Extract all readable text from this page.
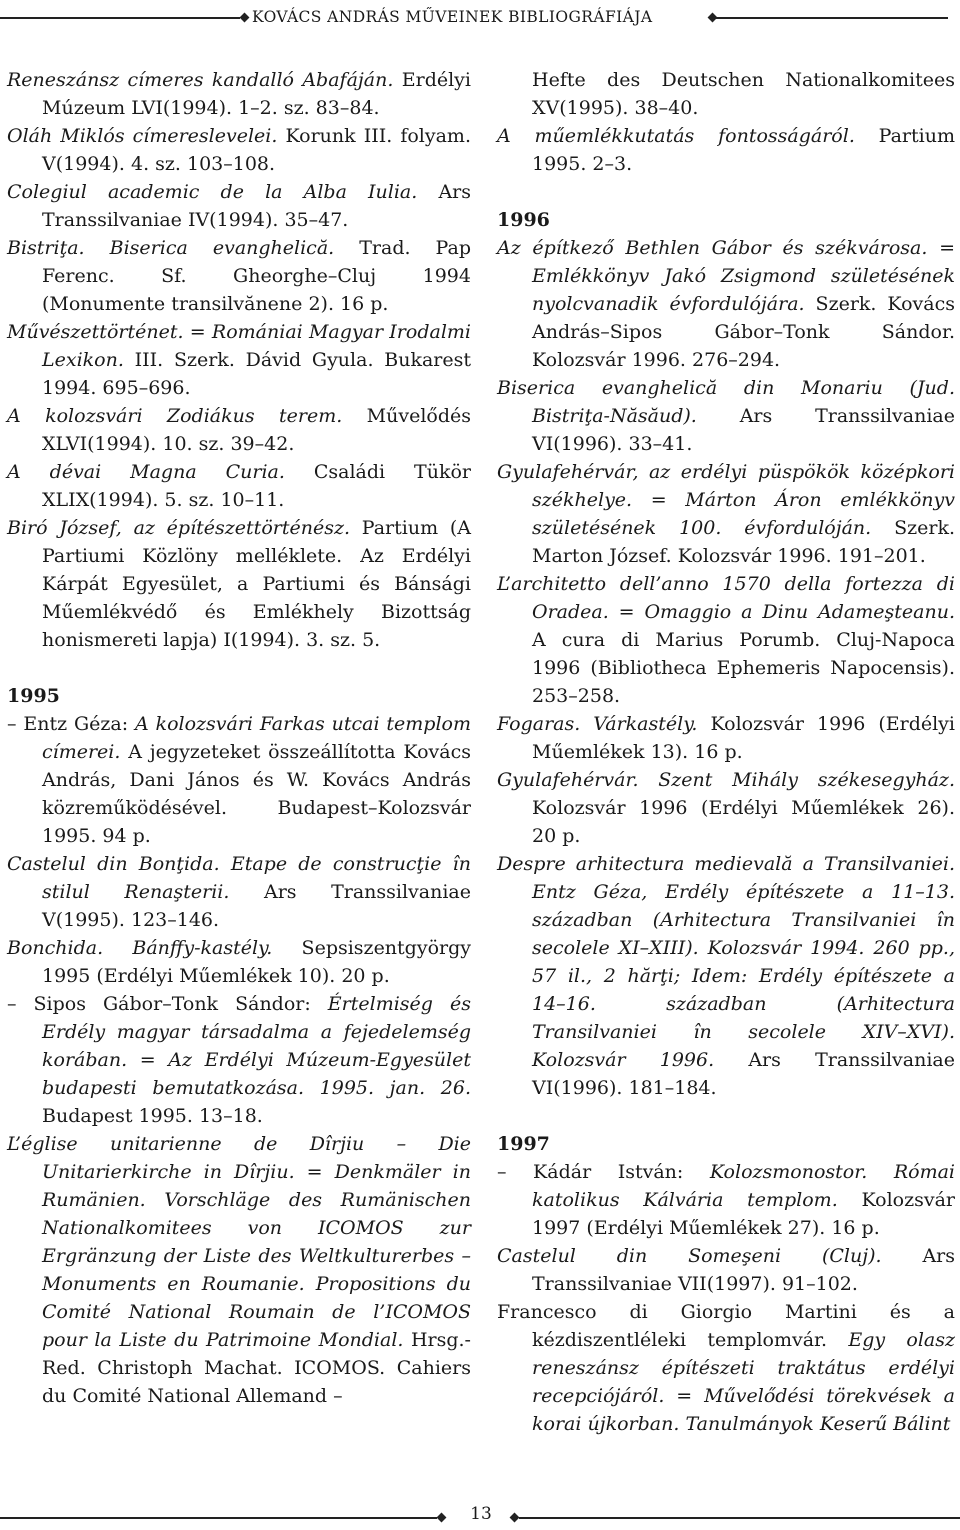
KOVÁCS ANDRÁS MŰVEINEK BIBLIOGRÁFIÁJA

Reneszánsz címeres kandalló Abafáján. Erdélyi Múzeum LVI(1994). 1–2. sz. 83–84.

Oláh Miklós címereslevelei. Korunk III. folyam. V(1994). 4. sz. 103–108.

Colegiul academic de la Alba Iulia. Ars Transsilvaniae IV(1994). 35–47.

Bistriţa. Biserica evanghelică. Trad. Pap Ferenc. Sf. Gheorghe–Cluj 1994 (Monumente transilvănene 2). 16 p.

Művészettörténet. = Romániai Magyar Irodalmi Lexikon. III. Szerk. Dávid Gyula. Bukarest 1994. 695–696.

A kolozsvári Zodiákus terem. Művelődés XLVI(1994). 10. sz. 39–42.

A dévai Magna Curia. Családi Tükör XLIX(1994). 5. sz. 10–11.

Biró József, az építészettörténész. Partium (A Partiumi Közlöny melléklete. Az Erdélyi Kárpát Egyesület, a Partiumi és Bánsági Műemlékvédő és Emlékhely Bizottság honismereti lapja) I(1994). 3. sz. 5.

1995

– Entz Géza: A kolozsvári Farkas utcai templom címerei. A jegyzeteket összeállította Kovács András, Dani János és W. Kovács András közreműködésével. Budapest–Kolozsvár 1995. 94 p.

Castelul din Bonţida. Etape de construcţie în stilul Renaşterii. Ars Transsilvaniae V(1995). 123–146.

Bonchida. Bánffy-kastély. Sepsiszentgyörgy 1995 (Erdélyi Műemlékek 10). 20 p.

– Sipos Gábor–Tonk Sándor: Értelmiség és Erdély magyar társadalma a fejedelemség korában. = Az Erdélyi Múzeum-Egyesület budapesti bemutatkozása. 1995. jan. 26. Budapest 1995. 13–18.

L’église unitarienne de Dîrjiu – Die Unitarierkirche in Dîrjiu. = Denkmäler in Rumänien. Vorschläge des Rumänischen Nationalkomitees von ICOMOS zur Ergränzung der Liste des Weltkulturerbes – Monuments en Roumanie. Propositions du Comité National Roumain de l’ICOMOS pour la Liste du Patrimoine Mondial. Hrsg.-Red. Christoph Machat. ICOMOS. Cahiers du Comité National Allemand –

Hefte des Deutschen Nationalkomitees XV(1995). 38–40.

A műemlékkutatás fontosságáról. Partium 1995. 2–3.

1996

Az építkező Bethlen Gábor és székvárosa. = Emlékkönyv Jakó Zsigmond születésének nyolcvanadik évfordulójára. Szerk. Kovács András–Sipos Gábor–Tonk Sándor. Kolozsvár 1996. 276–294.

Biserica evanghelică din Monariu (Jud. Bistriţa-Năsăud). Ars Transsilvaniae VI(1996). 33–41.

Gyulafehérvár, az erdélyi püspökök középkori székhelye. = Márton Áron emlékkönyv születésének 100. évfordulóján. Szerk. Marton József. Kolozsvár 1996. 191–201.

L’architetto dell’anno 1570 della fortezza di Oradea. = Omaggio a Dinu Adameşteanu. A cura di Marius Porumb. Cluj-Napoca 1996 (Bibliotheca Ephemeris Napocensis). 253–258.

Fogaras. Várkastély. Kolozsvár 1996 (Erdélyi Műemlékek 13). 16 p.

Gyulafehérvár. Szent Mihály székesegyház. Kolozsvár 1996 (Erdélyi Műemlékek 26). 20 p.

Despre arhitectura medievală a Transilvaniei. Entz Géza, Erdély építészete a 11–13. században (Arhitectura Transilvaniei în secolele XI–XIII). Kolozsvár 1994. 260 pp., 57 il., 2 hărţi; Idem: Erdély építészete a 14–16. században (Arhitectura Transilvaniei în secolele XIV–XVI). Kolozsvár 1996. Ars Transsilvaniae VI(1996). 181–184.

1997

– Kádár István: Kolozsmonostor. Római katolikus Kálvária templom. Kolozsvár 1997 (Erdélyi Műemlékek 27). 16 p.

Castelul din Someşeni (Cluj). Ars Transsilvaniae VII(1997). 91–102.

Francesco di Giorgio Martini és a kézdiszentléleki templomvár. Egy olasz reneszánsz építészeti traktátus erdélyi recepciójáról. = Művelődési törekvések a korai újkorban. Tanulmányok Keserű Bálint

13
